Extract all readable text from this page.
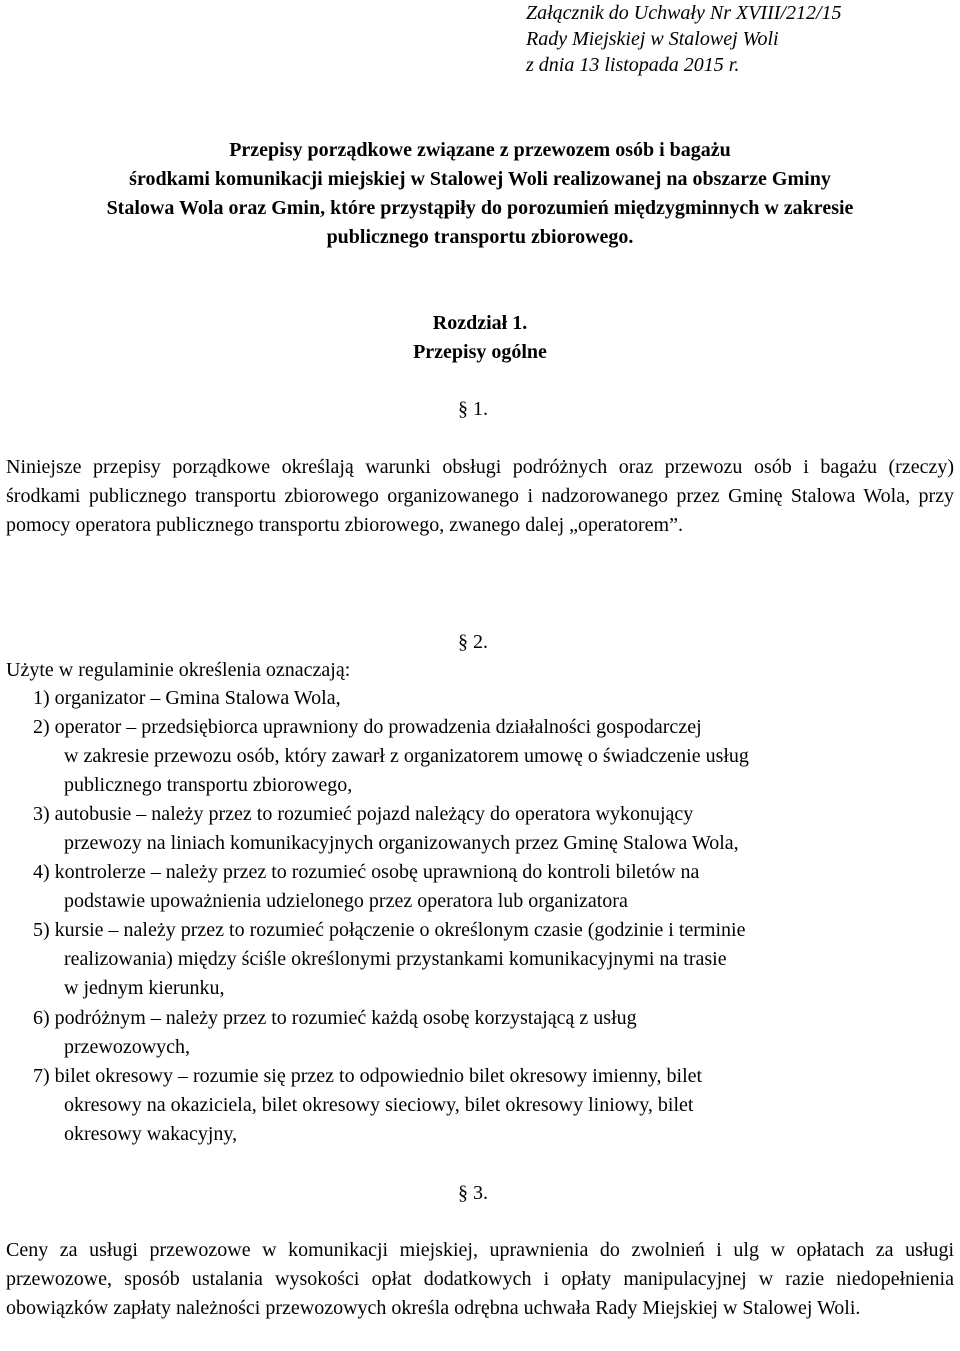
Załącznik do Uchwały Nr XVIII/212/15
Rady Miejskiej w Stalowej Woli
z dnia 13 listopada 2015 r.
Przepisy porządkowe związane z przewozem osób i bagażu
środkami komunikacji miejskiej w Stalowej Woli realizowanej na obszarze Gminy
Stalowa Wola oraz Gmin, które przystąpiły do porozumień międzygminnych w zakresie
publicznego transportu zbiorowego.
Rozdział 1.
Przepisy ogólne
§ 1.
Niniejsze przepisy porządkowe określają warunki obsługi podróżnych oraz przewozu osób i bagażu (rzeczy) środkami publicznego transportu zbiorowego organizowanego i nadzorowanego przez Gminę Stalowa Wola, przy pomocy operatora publicznego transportu zbiorowego, zwanego dalej „operatorem”.
§ 2.
Użyte w regulaminie określenia oznaczają:
1) organizator – Gmina Stalowa Wola,
2) operator – przedsiębiorca uprawniony do prowadzenia działalności gospodarczej
w zakresie przewozu osób, który zawarł z organizatorem umowę o świadczenie usług
publicznego transportu zbiorowego,
3) autobusie – należy przez to rozumieć pojazd należący do operatora wykonujący
przewozy na liniach komunikacyjnych organizowanych przez Gminę Stalowa Wola,
4) kontrolerze – należy przez to rozumieć osobę uprawnioną do kontroli biletów na
podstawie upoważnienia udzielonego przez operatora lub organizatora
5) kursie – należy przez to rozumieć połączenie o określonym czasie (godzinie i terminie
realizowania) między ściśle określonymi przystankami komunikacyjnymi na trasie
w jednym kierunku,
6) podróżnym – należy przez to rozumieć każdą osobę korzystającą z usług
przewozowych,
7) bilet okresowy – rozumie się przez to odpowiednio bilet okresowy imienny, bilet
okresowy na okaziciela, bilet okresowy sieciowy, bilet okresowy liniowy, bilet
okresowy wakacyjny,
§ 3.
Ceny za usługi przewozowe w komunikacji miejskiej, uprawnienia do zwolnień i ulg w opłatach za usługi przewozowe, sposób ustalania wysokości opłat dodatkowych i opłaty manipulacyjnej w razie niedopełnienia obowiązków zapłaty należności przewozowych określa odrębna uchwała Rady Miejskiej w Stalowej Woli.
